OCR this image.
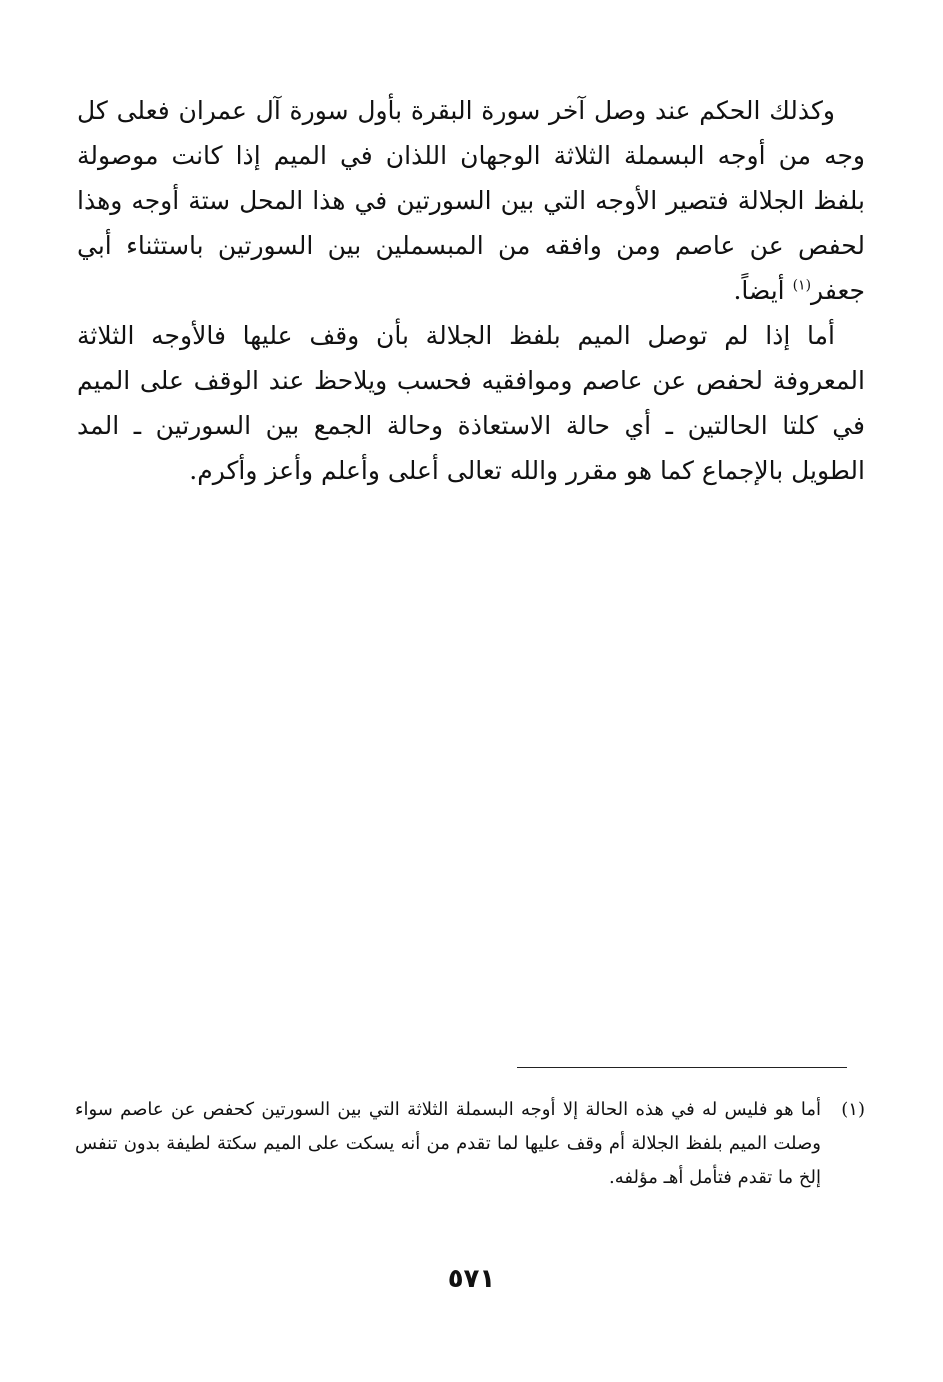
وكذلك الحكم عند وصل آخر سورة البقرة بأول سورة آل عمران فعلى كل وجه من أوجه البسملة الثلاثة الوجهان اللذان في الميم إذا كانت موصولة بلفظ الجلالة فتصير الأوجه التي بين السورتين في هذا المحل ستة أوجه وهذا لحفص عن عاصم ومن وافقه من المبسملين بين السورتين باستثناء أبي جعفر$^{(١)}$ أيضاً.

أما إذا لم توصل الميم بلفظ الجلالة بأن وقف عليها فالأوجه الثلاثة المعروفة لحفص عن عاصم وموافقيه فحسب ويلاحظ عند الوقف على الميم في كلتا الحالتين ـ أي حالة الاستعاذة وحالة الجمع بين السورتين ـ المد الطويل بالإجماع كما هو مقرر والله تعالى أعلى وأعلم وأعز وأكرم.

(١)
أما هو فليس له في هذه الحالة إلا أوجه البسملة الثلاثة التي بين السورتين كحفص عن عاصم سواء وصلت الميم بلفظ الجلالة أم وقف عليها لما تقدم من أنه يسكت على الميم سكتة لطيفة بدون تنفس إلخ ما تقدم فتأمل أهـ مؤلفه.
٥٧١
